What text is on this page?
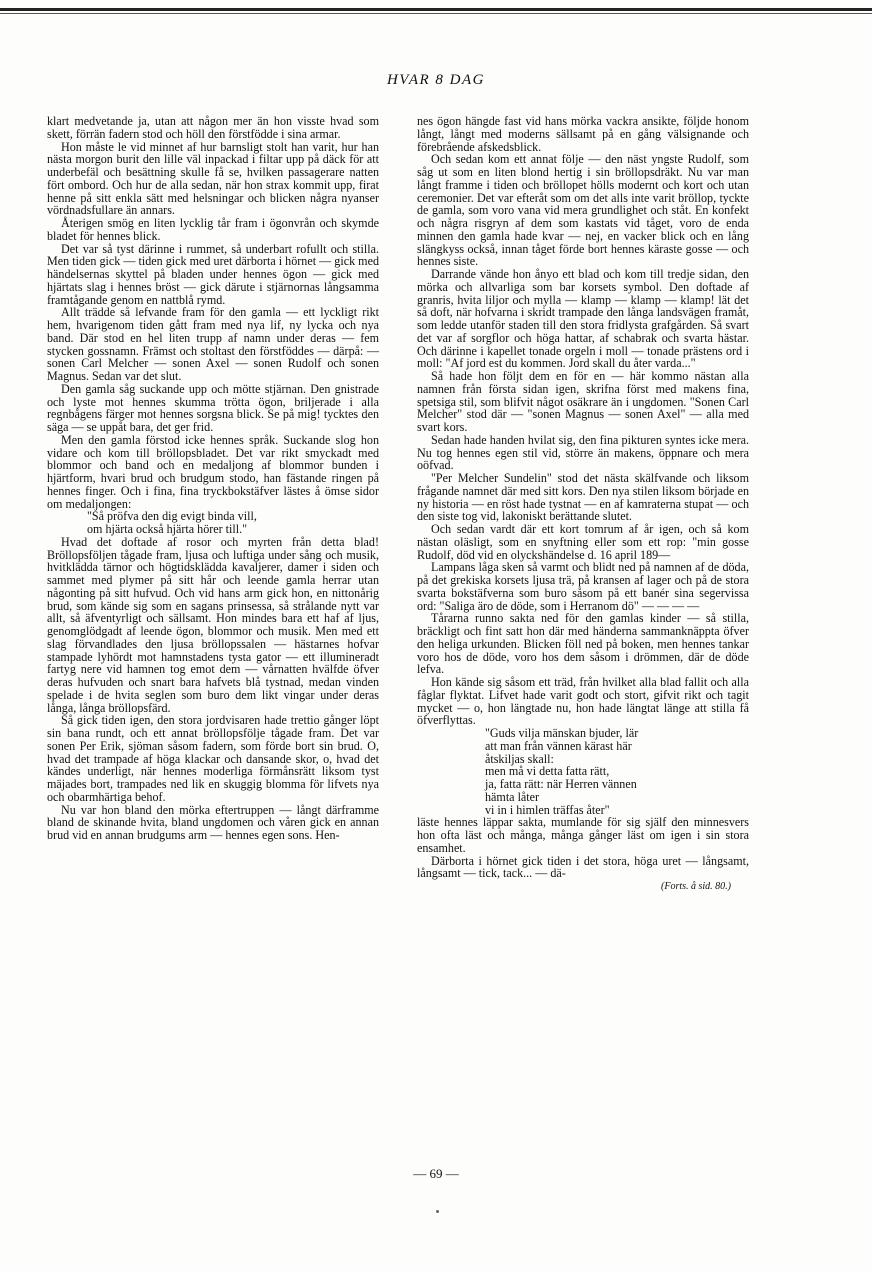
HVAR 8 DAG

klart medvetande ja, utan att någon mer än hon visste hvad som skett, förrän fadern stod och höll den förstfödde i sina armar.

Hon måste le vid minnet af hur barnsligt stolt han varit, hur han nästa morgon burit den lille väl inpackad i filtar upp på däck för att underbefäl och besättning skulle få se, hvilken passagerare natten fört ombord. Och hur de alla sedan, när hon strax kommit upp, firat henne på sitt enkla sätt med helsningar och blicken några nyanser vördnadsfullare än annars.

Återigen smög en liten lycklig tår fram i ögonvrån och skymde bladet för hennes blick.

Det var så tyst därinne i rummet, så underbart rofullt och stilla. Men tiden gick — tiden gick med uret därborta i hörnet — gick med händelsernas skyttel på bladen under hennes ögon — gick med hjärtats slag i hennes bröst — gick därute i stjärnornas långsamma framtågande genom en nattblå rymd.

Allt trädde så lefvande fram för den gamla — ett lyckligt rikt hem, hvarigenom tiden gått fram med nya lif, ny lycka och nya band. Där stod en hel liten trupp af namn under deras — fem stycken gossnamn. Främst och stoltast den förstföddes — därpå: — sonen Carl Melcher — sonen Axel — sonen Rudolf och sonen Magnus. Sedan var det slut.

Den gamla såg suckande upp och mötte stjärnan. Den gnistrade och lyste mot hennes skumma trötta ögon, briljerade i alla regnbågens färger mot hennes sorgsna blick. Se på mig! tycktes den säga — se uppåt bara, det ger frid.

Men den gamla förstod icke hennes språk. Suckande slog hon vidare och kom till bröllopsbladet. Det var rikt smyckadt med blommor och band och en medaljong af blommor bunden i hjärtform, hvari brud och brudgum stodo, han fästande ringen på hennes finger. Och i fina, fina tryckbokstäfver lästes å ömse sidor om medaljongen:

"Så pröfva den dig evigt binda vill,
om hjärta också hjärta hörer till."

Hvad det doftade af rosor och myrten från detta blad! Bröllopsföljen tågade fram, ljusa och luftiga under sång och musik, hvitklädda tärnor och högtidsklädda kavaljerer, damer i siden och sammet med plymer på sitt hår och leende gamla herrar utan någonting på sitt hufvud. Och vid hans arm gick hon, en nittonårig brud, som kände sig som en sagans prinsessa, så strålande nytt var allt, så äfventyrligt och sällsamt. Hon mindes bara ett haf af ljus, genomglödgadt af leende ögon, blommor och musik. Men med ett slag förvandlades den ljusa bröllopssalen — hästarnes hofvar stampade lyhördt mot hamnstadens tysta gator — ett illumineradt fartyg nere vid hamnen tog emot dem — vårnatten hvälfde öfver deras hufvuden och snart bara hafvets blå tystnad, medan vinden spelade i de hvita seglen som buro dem likt vingar under deras långa, långa bröllopsfärd.

Så gick tiden igen, den stora jordvisaren hade trettio gånger löpt sin bana rundt, och ett annat bröllopsfölje tågade fram. Det var sonen Per Erik, sjöman såsom fadern, som förde bort sin brud. O, hvad det trampade af höga klackar och dansande skor, o, hvad det kändes underligt, när hennes moderliga förmånsrätt liksom tyst mäjades bort, trampades ned lik en skuggig blomma för lifvets nya och obarmhärtiga behof.

Nu var hon bland den mörka eftertruppen — långt därframme bland de skinande hvita, bland ungdomen och våren gick en annan brud vid en annan brudgums arm — hennes egen sons. Hen-

nes ögon hängde fast vid hans mörka vackra ansikte, följde honom långt, långt med moderns sällsamt på en gång välsignande och förebrående afskedsblick.

Och sedan kom ett annat följe — den näst yngste Rudolf, som såg ut som en liten blond hertig i sin bröllopsdräkt. Nu var man långt framme i tiden och bröllopet hölls modernt och kort och utan ceremonier. Det var efteråt som om det alls inte varit bröllop, tyckte de gamla, som voro vana vid mera grundlighet och ståt. En konfekt och några risgryn af dem som kastats vid tåget, voro de enda minnen den gamla hade kvar — nej, en vacker blick och en lång slängkyss också, innan tåget förde bort hennes käraste gosse — och hennes siste.

Darrande vände hon ånyo ett blad och kom till tredje sidan, den mörka och allvarliga som bar korsets symbol. Den doftade af granris, hvita liljor och mylla — klamp — klamp — klamp! lät det så doft, när hofvarna i skridt trampade den långa landsvägen framåt, som ledde utanför staden till den stora fridlysta grafgården. Så svart det var af sorgflor och höga hattar, af schabrak och svarta hästar. Och därinne i kapellet tonade orgeln i moll — tonade prästens ord i moll: "Af jord est du kommen. Jord skall du åter varda..."

Så hade hon följt dem en för en — här kommo nästan alla namnen från första sidan igen, skrifna först med makens fina, spetsiga stil, som blifvit något osäkrare än i ungdomen. "Sonen Carl Melcher" stod där — "sonen Magnus — sonen Axel" — alla med svart kors.

Sedan hade handen hvilat sig, den fina pikturen syntes icke mera. Nu tog hennes egen stil vid, större än makens, öppnare och mera oöfvad.

"Per Melcher Sundelin" stod det nästa skälfvande och liksom frågande namnet där med sitt kors. Den nya stilen liksom började en ny historia — en röst hade tystnat — en af kamraterna stupat — och den siste tog vid, lakoniskt berättande slutet.

Och sedan vardt där ett kort tomrum af år igen, och så kom nästan oläsligt, som en snyftning eller som ett rop: "min gosse Rudolf, död vid en olyckshändelse d. 16 april 189—

Lampans låga sken så varmt och blidt ned på namnen af de döda, på det grekiska korsets ljusa trä, på kransen af lager och på de stora svarta bokstäfverna som buro såsom på ett banér sina segervissa ord: "Saliga äro de döde, som i Herranom dö" — — — —

Tårarna runno sakta ned för den gamlas kinder — så stilla, bräckligt och fint satt hon där med händerna sammanknäppta öfver den heliga urkunden. Blicken föll ned på boken, men hennes tankar voro hos de döde, voro hos dem såsom i drömmen, där de döde lefva.

Hon kände sig såsom ett träd, från hvilket alla blad fallit och alla fåglar flyktat. Lifvet hade varit godt och stort, gifvit rikt och tagit mycket — o, hon längtade nu, hon hade längtat länge att stilla få öfverflyttas.

"Guds vilja mänskan bjuder, lär
att man från vännen kärast här
åtskiljas skall:
men må vi detta fatta rätt,
ja, fatta rätt: när Herren vännen
hämta låter
vi in i himlen träffas åter"

läste hennes läppar sakta, mumlande för sig själf den minnesvers hon ofta läst och många, många gånger läst om igen i sin stora ensamhet.

Därborta i hörnet gick tiden i det stora, höga uret — långsamt, långsamt — tick, tack... — dä-

(Forts. å sid. 80.)
— 69 —
